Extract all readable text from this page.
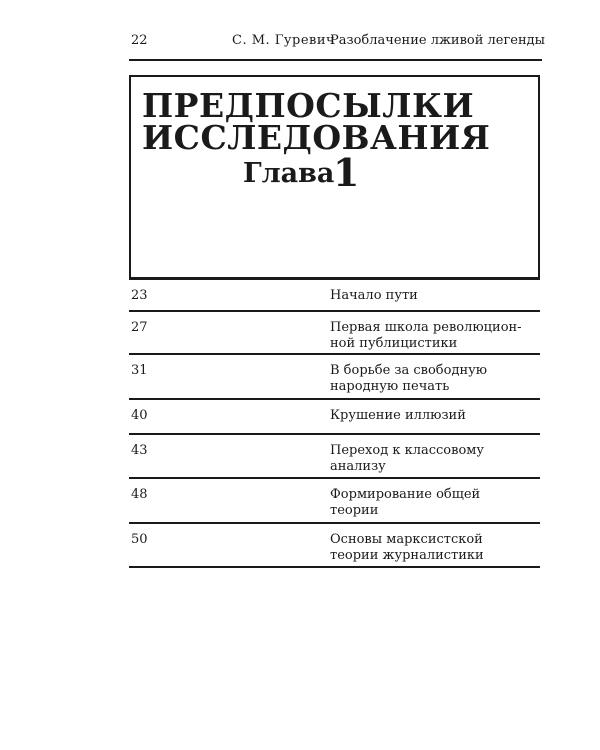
22	С. М. Гуревич
Разоблачение лживой легенды
ПРЕДПОСЫЛКИ
ИССЛЕДОВАНИЯ
Глава
1
23	Начало пути
27	Первая школа революцион-
ной публицистики
31	В борьбе за свободную
народную печать
40	Крушение иллюзий
43	Переход к классовому
анализу
48	Формирование общей
теории
50	Основы марксистской
теории журналистики
